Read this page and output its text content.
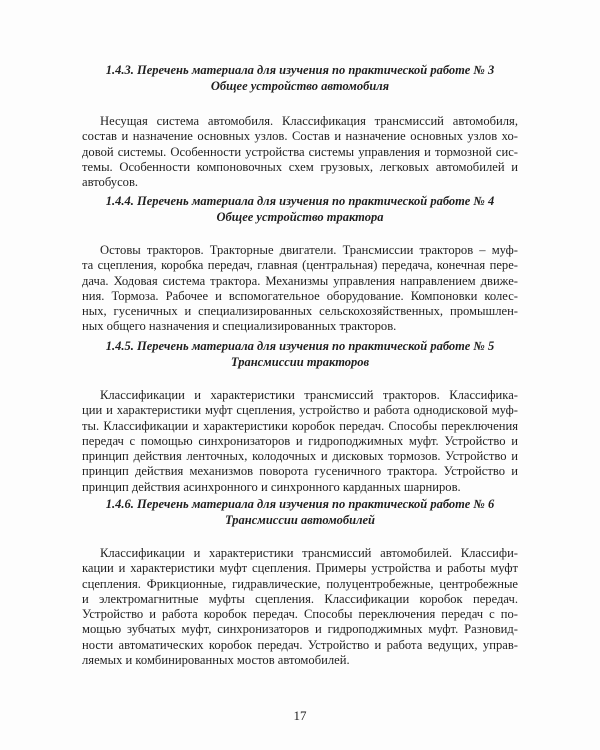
1.4.3. Перечень материала для изучения по практической работе № 3
Общее устройство автомобиля

Несущая система автомобиля. Классификация трансмиссий автомобиля,
состав и назначение основных узлов. Состав и назначение основных узлов хо-
довой системы. Особенности устройства системы управления и тормозной сис-
темы. Особенности компоновочных схем грузовых, легковых автомобилей и
автобусов.

1.4.4. Перечень материала для изучения по практической работе № 4
Общее устройство трактора

Остовы тракторов. Тракторные двигатели. Трансмиссии тракторов – муф-
та сцепления, коробка передач, главная (центральная) передача, конечная пере-
дача. Ходовая система трактора. Механизмы управления направлением движе-
ния. Тормоза. Рабочее и вспомогательное оборудование. Компоновки колес-
ных, гусеничных и специализированных сельскохозяйственных, промышлен-
ных общего назначения и специализированных тракторов.

1.4.5. Перечень материала для изучения по практической работе № 5
Трансмиссии тракторов

Классификации и характеристики трансмиссий тракторов. Классифика-
ции и характеристики муфт сцепления, устройство и работа однодисковой муф-
ты. Классификации и характеристики коробок передач. Способы переключения
передач с помощью синхронизаторов и гидроподжимных муфт. Устройство и
принцип действия ленточных, колодочных и дисковых тормозов. Устройство и
принцип действия механизмов поворота гусеничного трактора. Устройство и
принцип действия асинхронного и синхронного карданных шарниров.

1.4.6. Перечень материала для изучения по практической работе № 6
Трансмиссии автомобилей

Классификации и характеристики трансмиссий автомобилей. Классифи-
кации и характеристики муфт сцепления. Примеры устройства и работы муфт
сцепления. Фрикционные, гидравлические, полуцентробежные, центробежные
и электромагнитные муфты сцепления. Классификации коробок передач.
Устройство и работа коробок передач. Способы переключения передач с по-
мощью зубчатых муфт, синхронизаторов и гидроподжимных муфт. Разновид-
ности автоматических коробок передач. Устройство и работа ведущих, управ-
ляемых и комбинированных мостов автомобилей.
17
